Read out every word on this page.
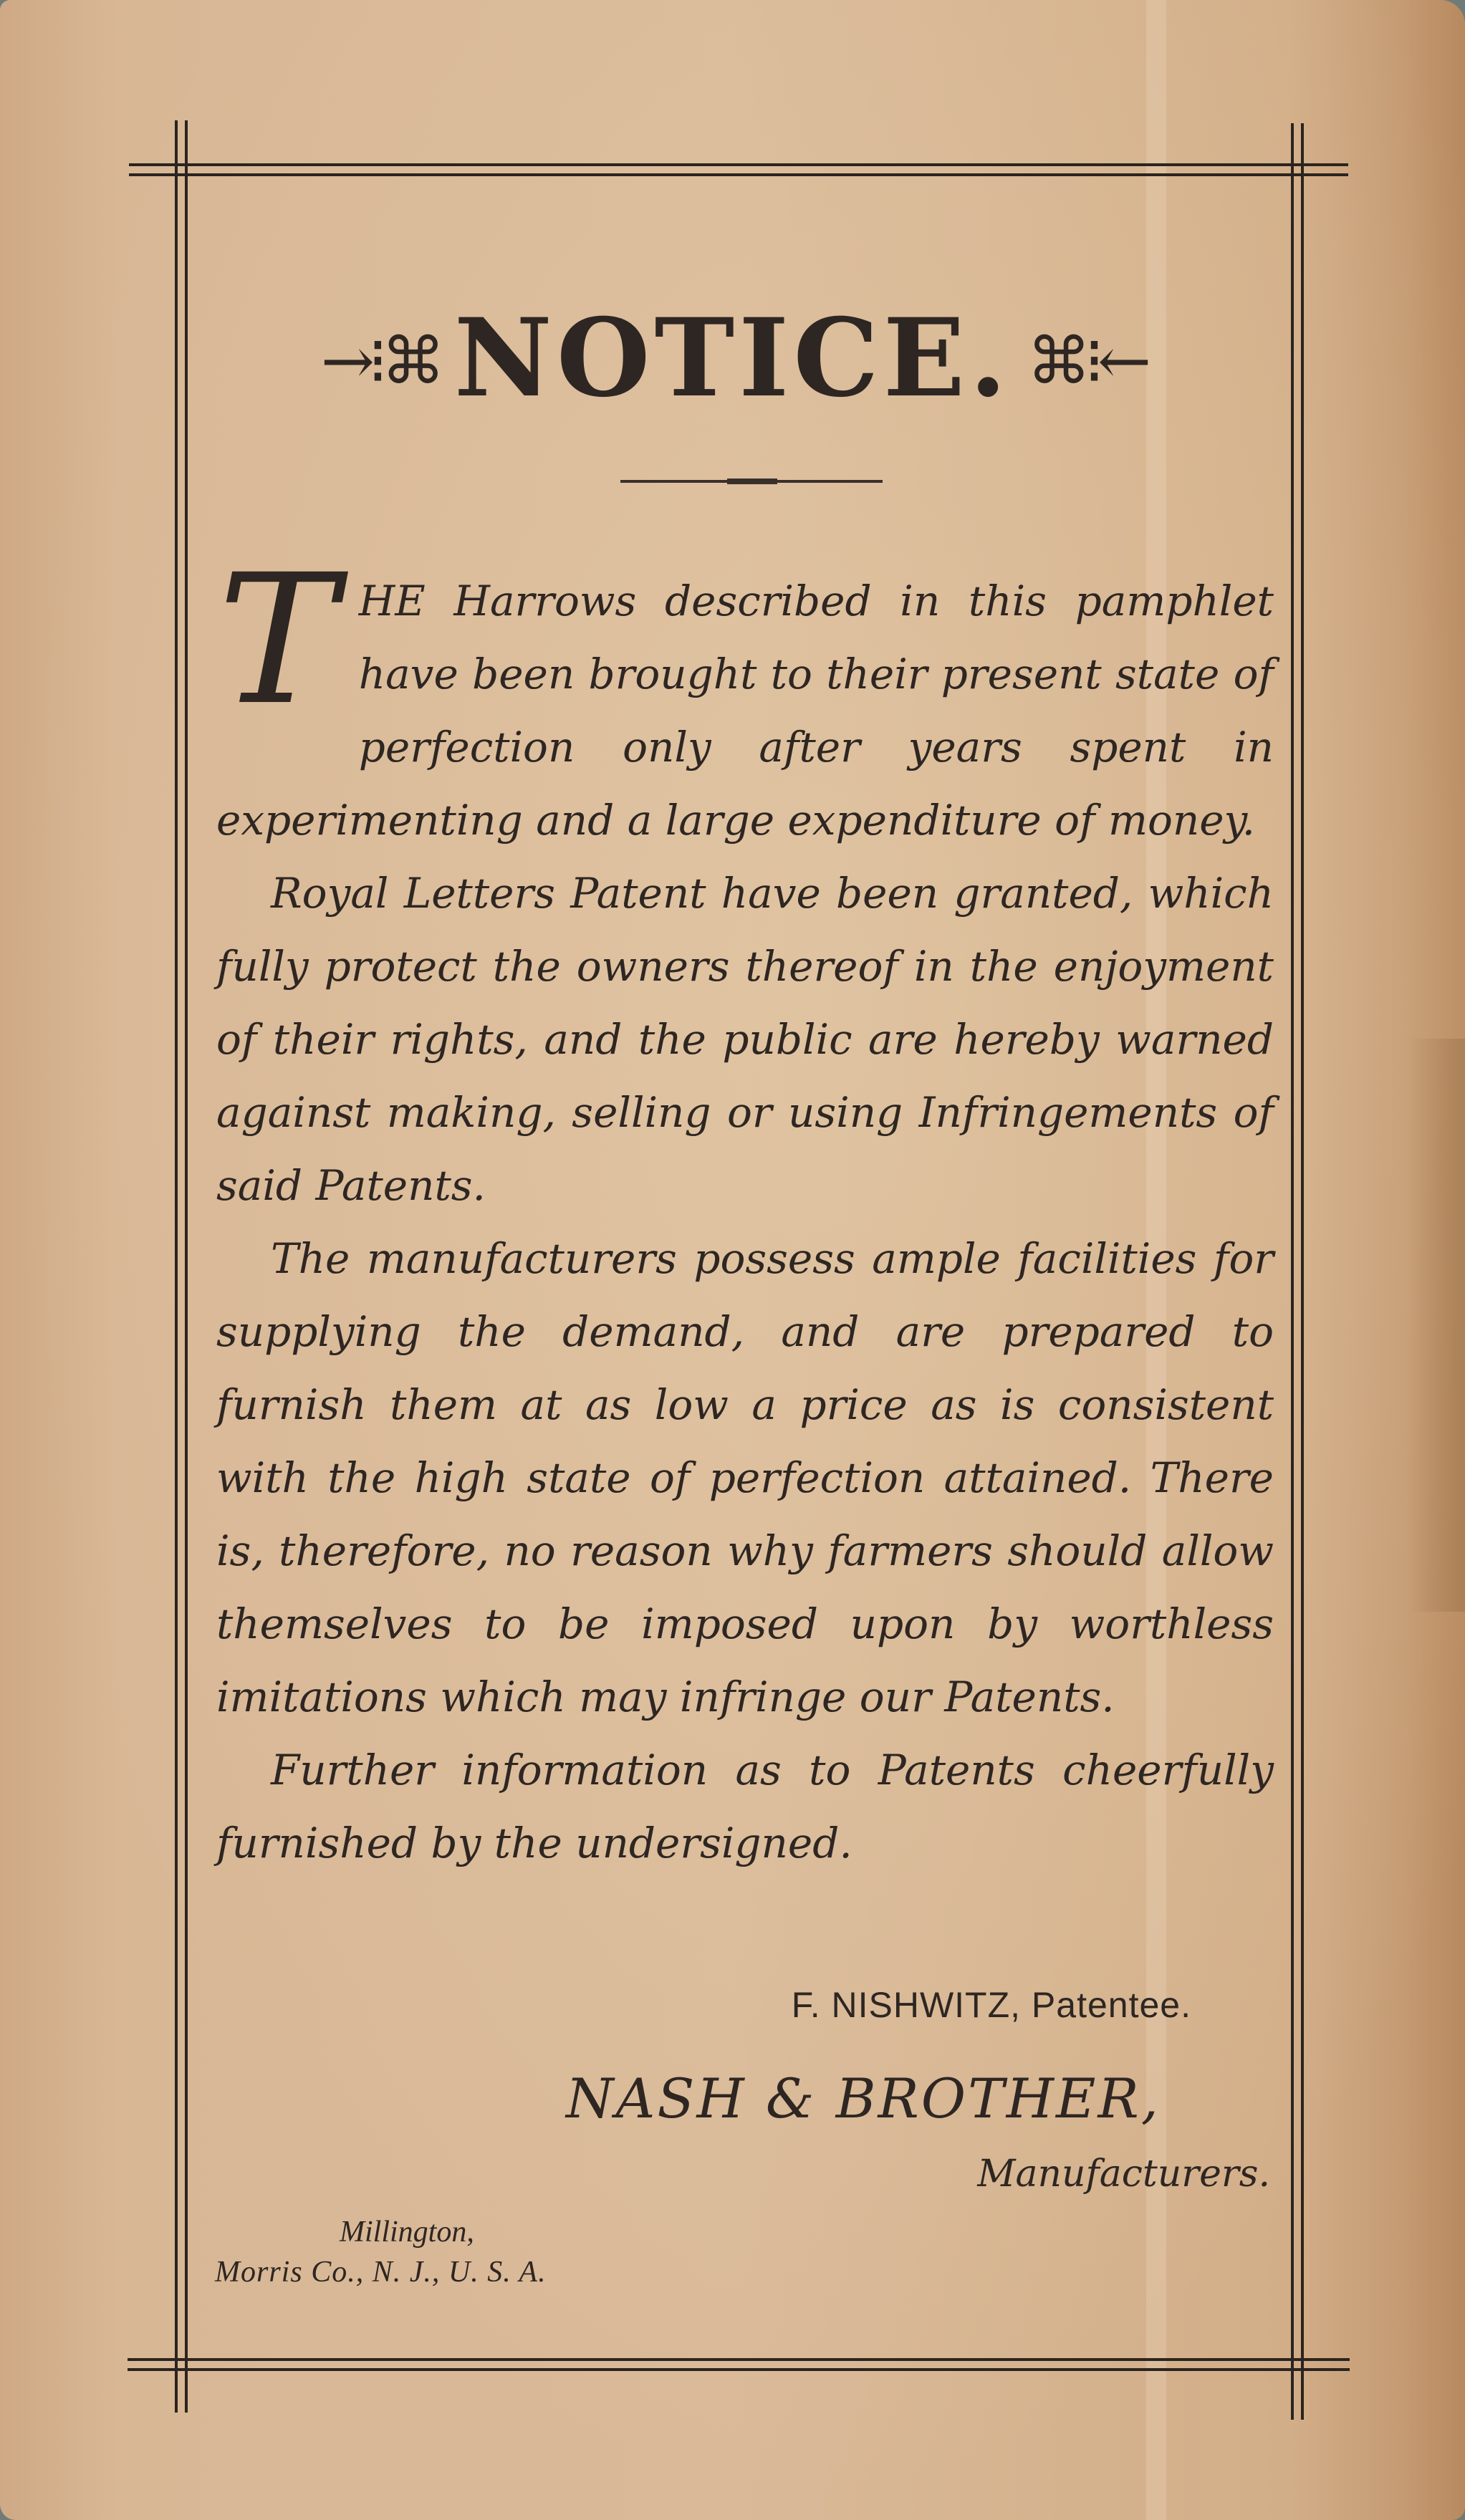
→⁝⌘ NOTICE. ⌘⁝←

THE Harrows described in this pamphlet have been brought to their present state of perfection only after years spent in experimenting and a large expenditure of money.

Royal Letters Patent have been granted, which fully protect the owners thereof in the enjoyment of their rights, and the public are hereby warned against making, selling or using Infringements of said Patents.

The manufacturers possess ample facilities for supplying the demand, and are prepared to furnish them at as low a price as is consistent with the high state of perfection attained. There is, therefore, no reason why farmers should allow themselves to be imposed upon by worthless imitations which may infringe our Patents.

Further information as to Patents cheerfully furnished by the undersigned.

F. NISHWITZ, Patentee.
NASH & BROTHER,
Manufacturers.
Millington,
Morris Co., N. J., U. S. A.
